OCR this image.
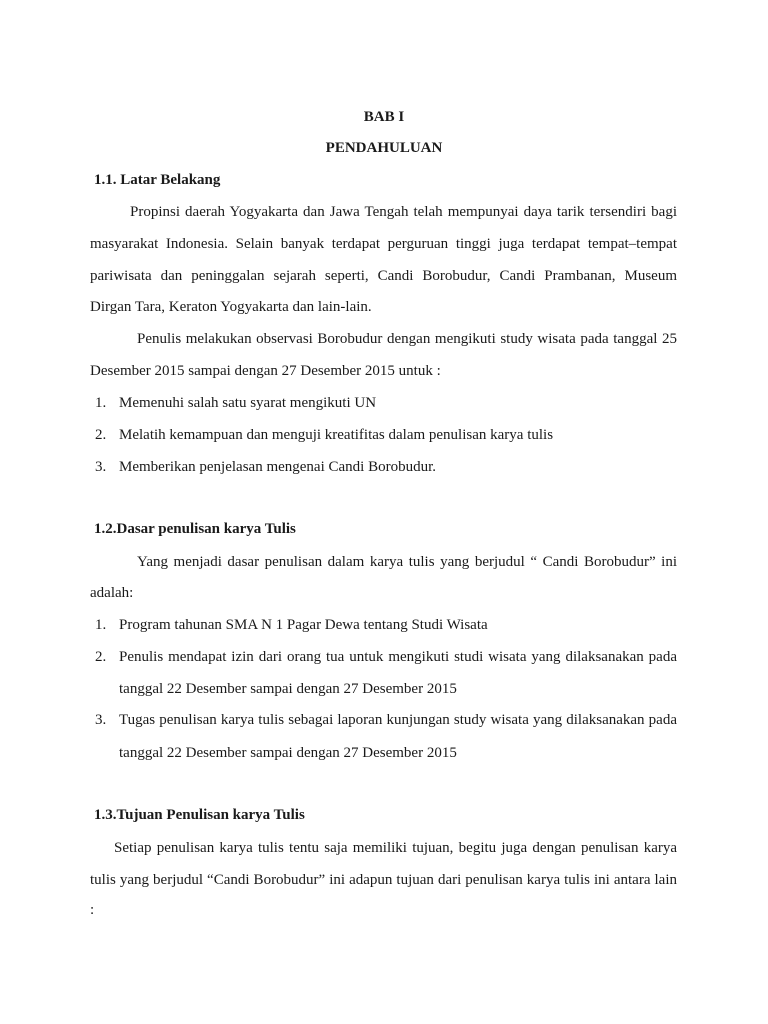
BAB I
PENDAHULUAN
1.1. Latar Belakang
Propinsi daerah Yogyakarta dan Jawa Tengah telah mempunyai daya tarik tersendiri bagi
masyarakat Indonesia. Selain banyak terdapat perguruan tinggi juga terdapat tempat–tempat
pariwisata dan peninggalan sejarah seperti, Candi Borobudur, Candi Prambanan, Museum
Dirgan Tara, Keraton Yogyakarta dan lain-lain.
Penulis melakukan observasi Borobudur dengan mengikuti study wisata pada tanggal 25
Desember 2015 sampai dengan 27 Desember 2015 untuk :
1. Memenuhi salah satu syarat mengikuti UN
2. Melatih kemampuan dan menguji kreatifitas dalam penulisan karya tulis
3. Memberikan penjelasan mengenai Candi Borobudur.
1.2.Dasar penulisan karya Tulis
Yang menjadi dasar penulisan dalam karya tulis yang berjudul “ Candi Borobudur” ini
adalah:
1. Program tahunan SMA N 1 Pagar Dewa tentang Studi Wisata
2. Penulis mendapat izin dari orang tua untuk mengikuti studi wisata yang dilaksanakan pada
tanggal 22 Desember sampai dengan 27 Desember 2015
3. Tugas penulisan karya tulis sebagai laporan kunjungan study wisata yang dilaksanakan pada
tanggal 22 Desember sampai dengan 27 Desember 2015
1.3.Tujuan Penulisan karya Tulis
Setiap penulisan karya tulis tentu saja memiliki tujuan, begitu juga dengan penulisan karya
tulis yang berjudul “Candi Borobudur” ini adapun tujuan dari penulisan karya tulis ini antara lain
:
